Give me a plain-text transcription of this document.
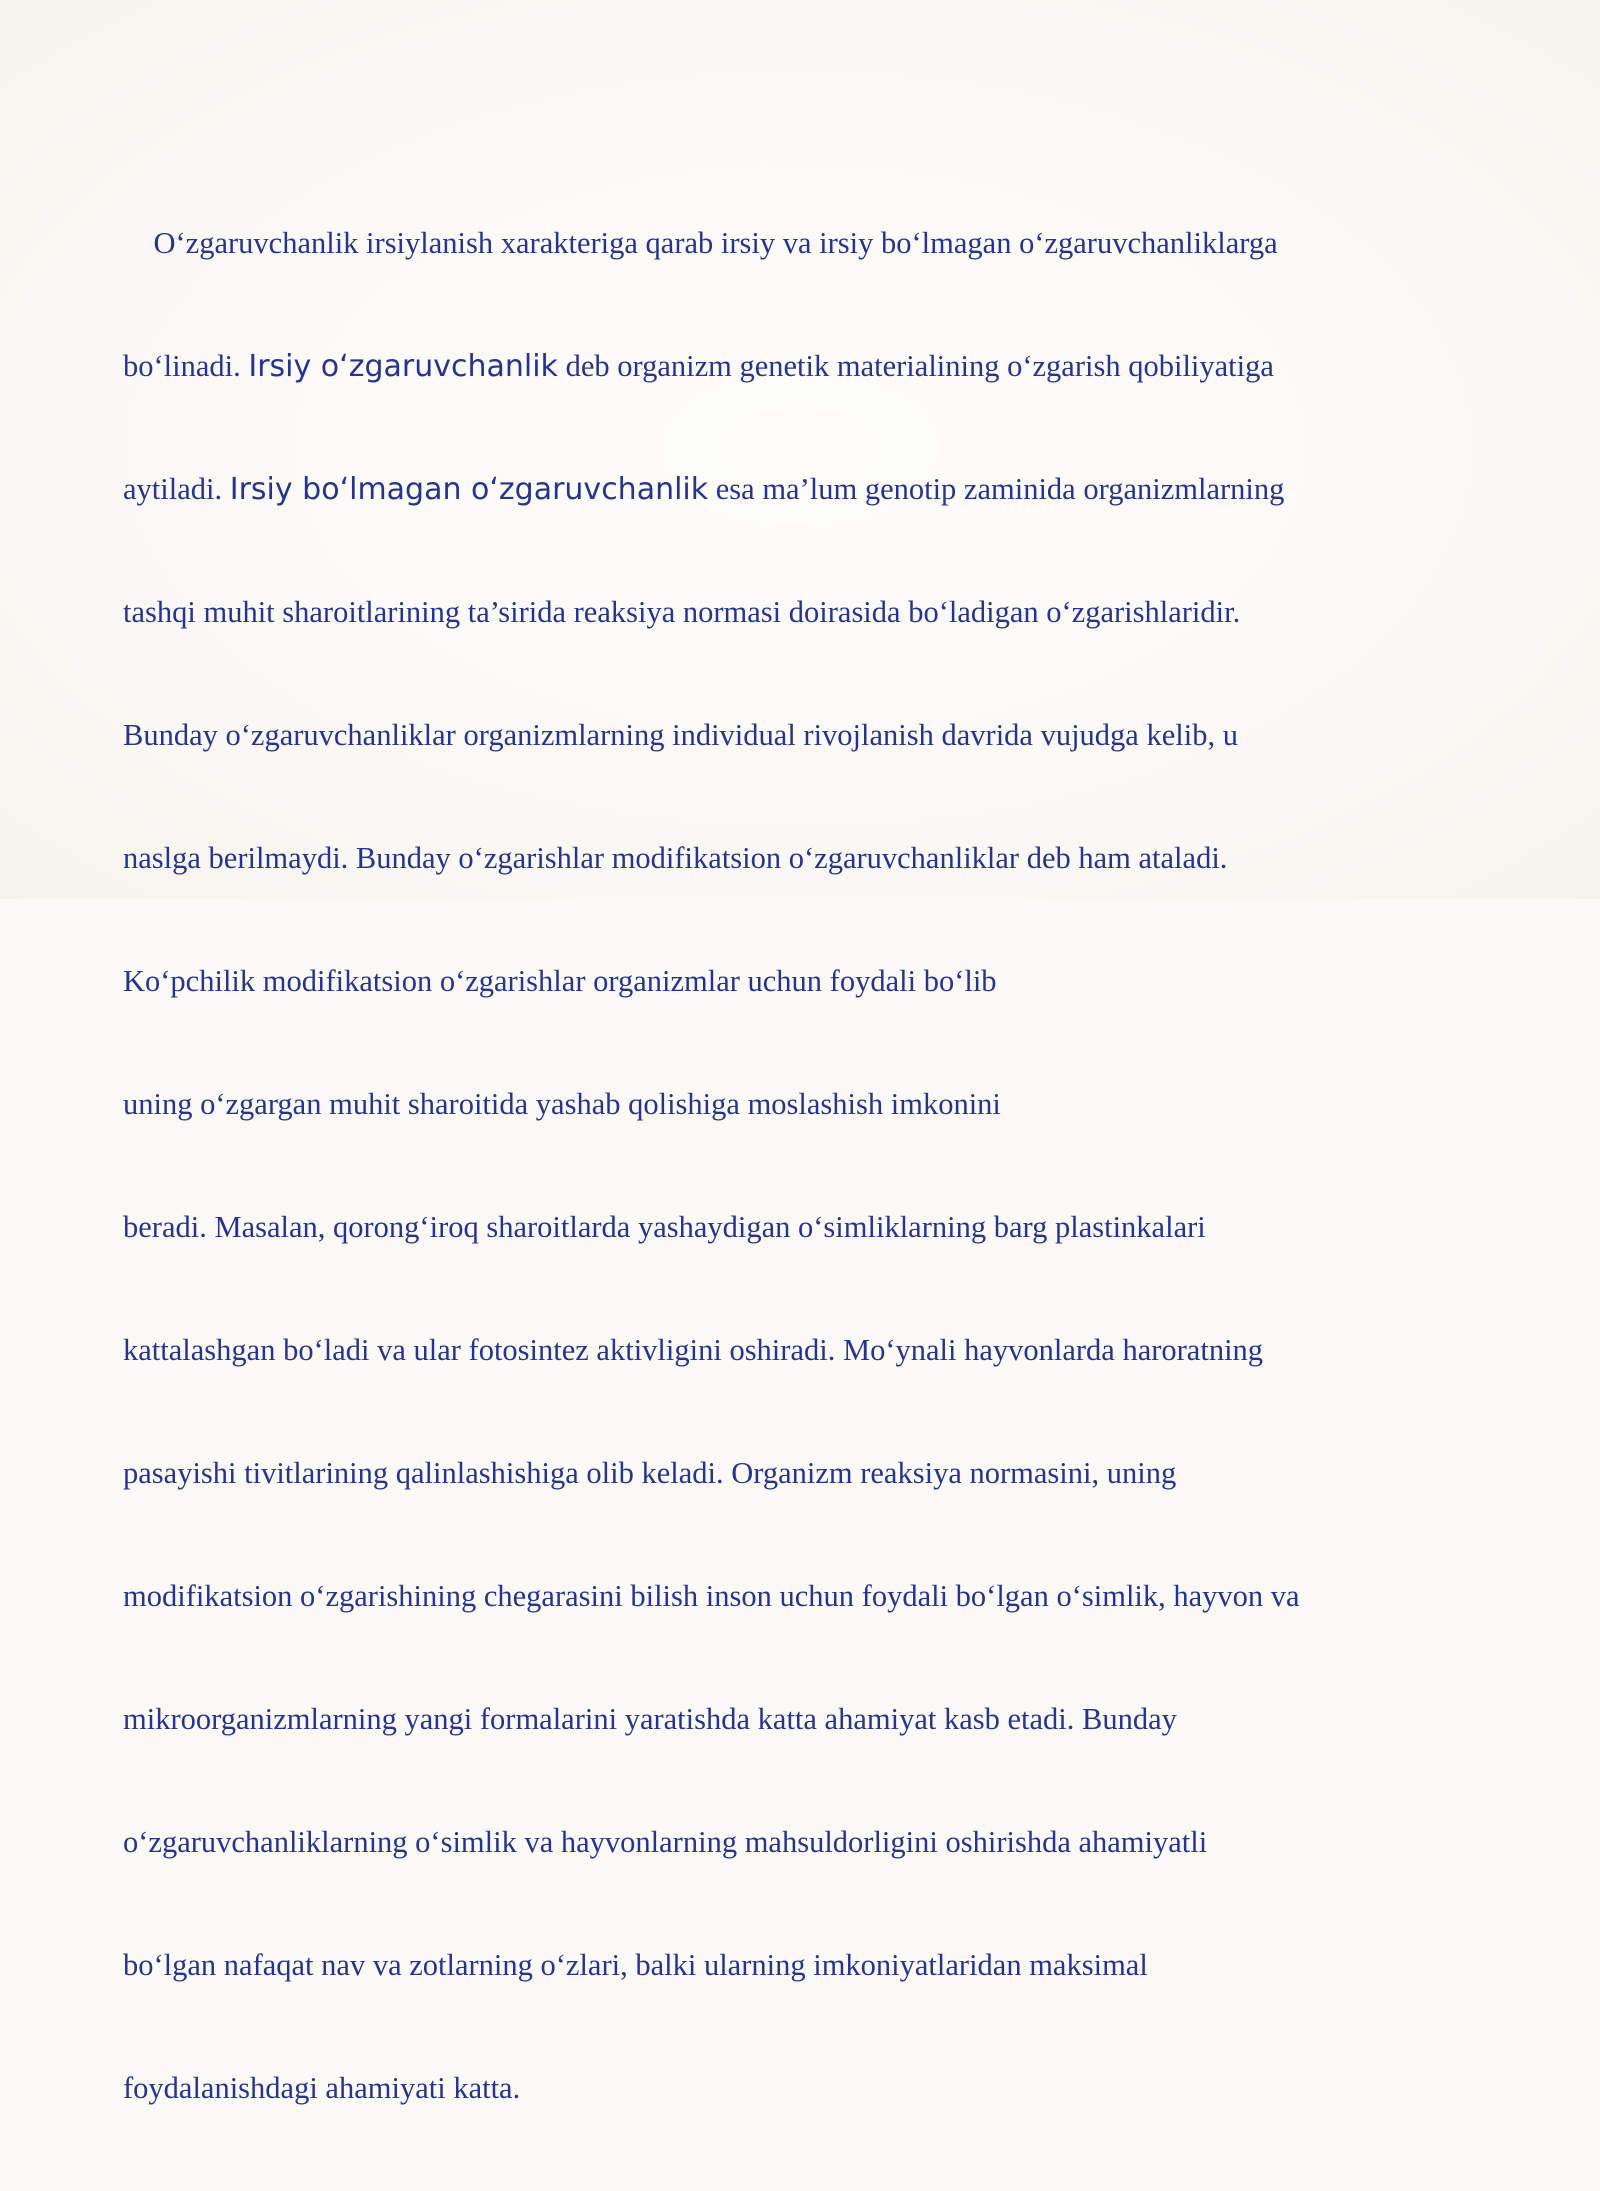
O‘zgaruvchanlik irsiylanish xarakteriga qarab irsiy va irsiy bo‘lmagan o‘zgaruvchanliklarga

bo‘linadi. Irsiy o‘zgaruvchanlik deb organizm genetik materialining o‘zgarish qobiliyatiga

aytiladi. Irsiy bo‘lmagan o‘zgaruvchanlik esa ma’lum genotip zaminida organizmlarning

tashqi muhit sharoitlarining ta’sirida reaksiya normasi doirasida bo‘ladigan o‘zgarishlaridir.

Bunday o‘zgaruvchanliklar organizmlarning individual rivojlanish davrida vujudga kelib, u

naslga berilmaydi. Bunday o‘zgarishlar modifikatsion o‘zgaruvchanliklar deb ham ataladi.

Ko‘pchilik modifikatsion o‘zgarishlar organizmlar uchun foydali bo‘lib

uning o‘zgargan muhit sharoitida yashab qolishiga moslashish imkonini

beradi. Masalan, qorong‘iroq sharoitlarda yashaydigan o‘simliklarning barg plastinkalari

kattalashgan bo‘ladi va ular fotosintez aktivligini oshiradi. Mo‘ynali hayvonlarda haroratning

pasayishi tivitlarining qalinlashishiga olib keladi. Organizm reaksiya normasini, uning

modifikatsion o‘zgarishining chegarasini bilish inson uchun foydali bo‘lgan o‘simlik, hayvon va

mikroorganizmlarning yangi formalarini yaratishda katta ahamiyat kasb etadi. Bunday

o‘zgaruvchanliklarning o‘simlik va hayvonlarning mahsuldorligini oshirishda ahamiyatli

bo‘lgan nafaqat nav va zotlarning o‘zlari, balki ularning imkoniyatlaridan maksimal

foydalanishdagi ahamiyati katta.
